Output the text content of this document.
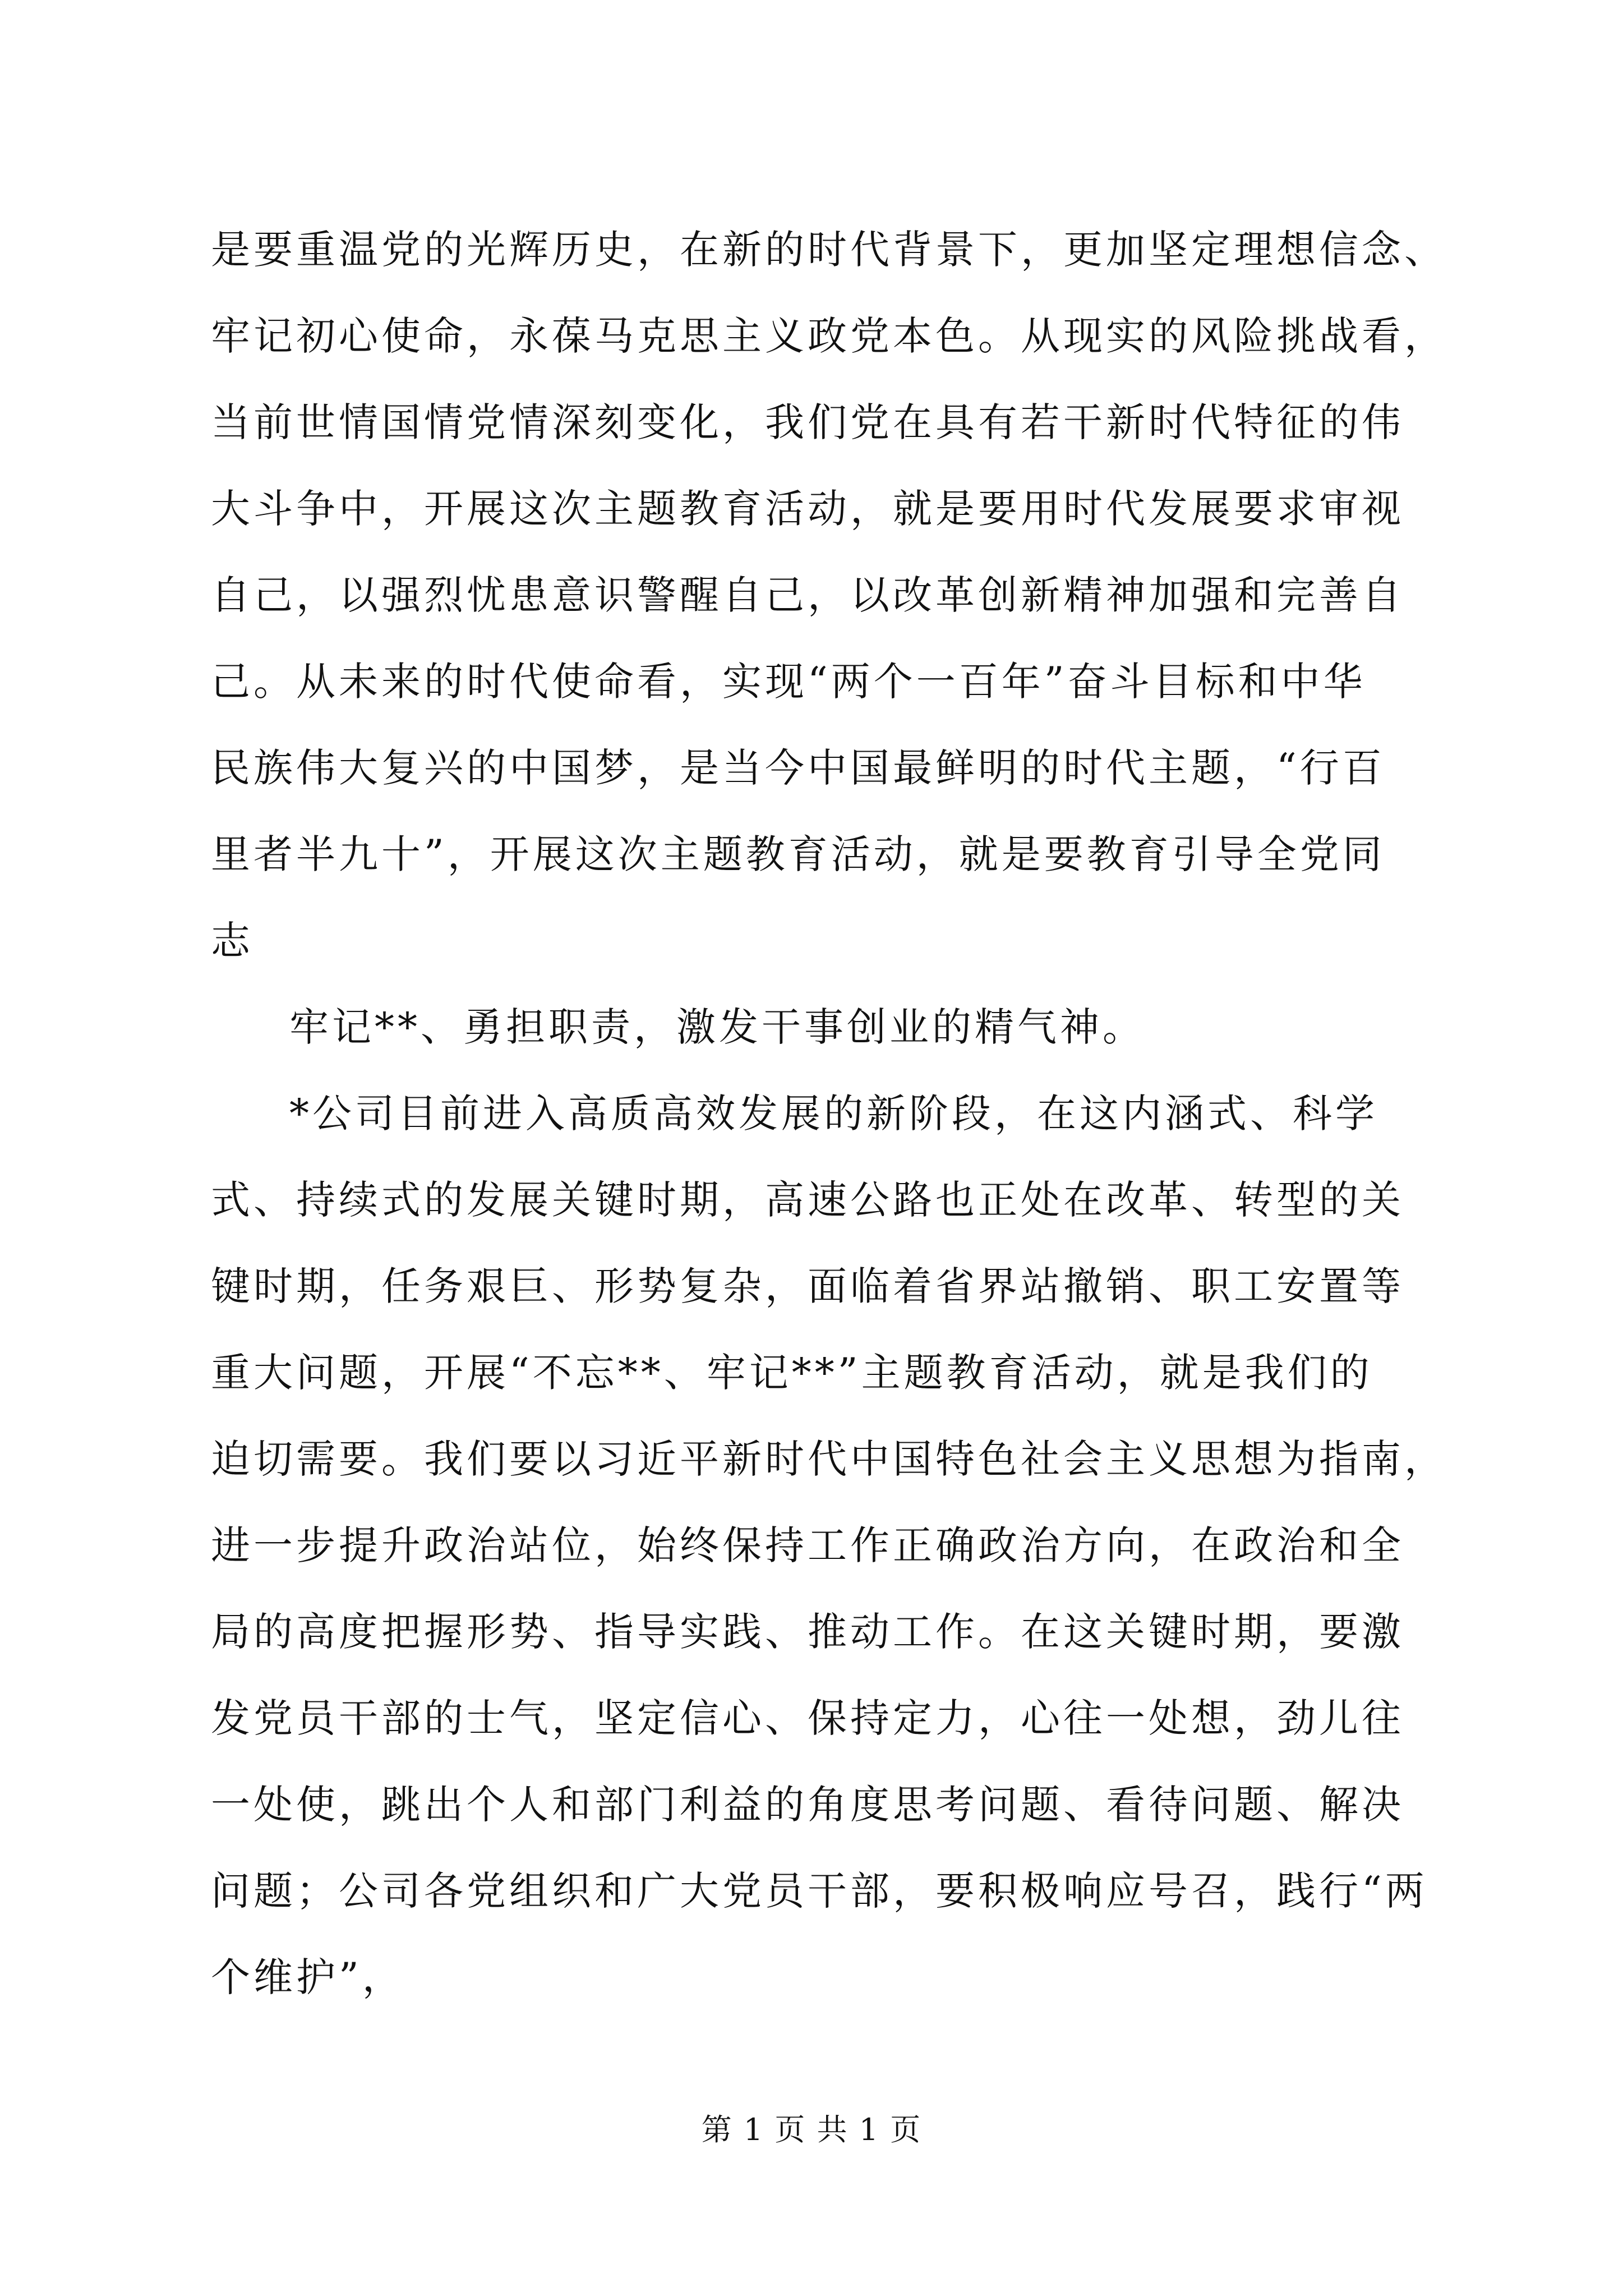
是要重温党的光辉历史，在新的时代背景下，更加坚定理想信念、
牢记初心使命，永葆马克思主义政党本色。从现实的风险挑战看，
当前世情国情党情深刻变化，我们党在具有若干新时代特征的伟
大斗争中，开展这次主题教育活动，就是要用时代发展要求审视
自己，以强烈忧患意识警醒自己，以改革创新精神加强和完善自
己。从未来的时代使命看，实现“两个一百年”奋斗目标和中华
民族伟大复兴的中国梦，是当今中国最鲜明的时代主题，“行百
里者半九十”，开展这次主题教育活动，就是要教育引导全党同
志
牢记**、勇担职责，激发干事创业的精气神。
*公司目前进入高质高效发展的新阶段，在这内涵式、科学
式、持续式的发展关键时期，高速公路也正处在改革、转型的关
键时期，任务艰巨、形势复杂，面临着省界站撤销、职工安置等
重大问题，开展“不忘**、牢记**”主题教育活动，就是我们的
迫切需要。我们要以习近平新时代中国特色社会主义思想为指南，
进一步提升政治站位，始终保持工作正确政治方向，在政治和全
局的高度把握形势、指导实践、推动工作。在这关键时期，要激
发党员干部的士气，坚定信心、保持定力，心往一处想，劲儿往
一处使，跳出个人和部门利益的角度思考问题、看待问题、解决
问题；公司各党组织和广大党员干部，要积极响应号召，践行“两
个维护”，
第 1 页 共 1 页
